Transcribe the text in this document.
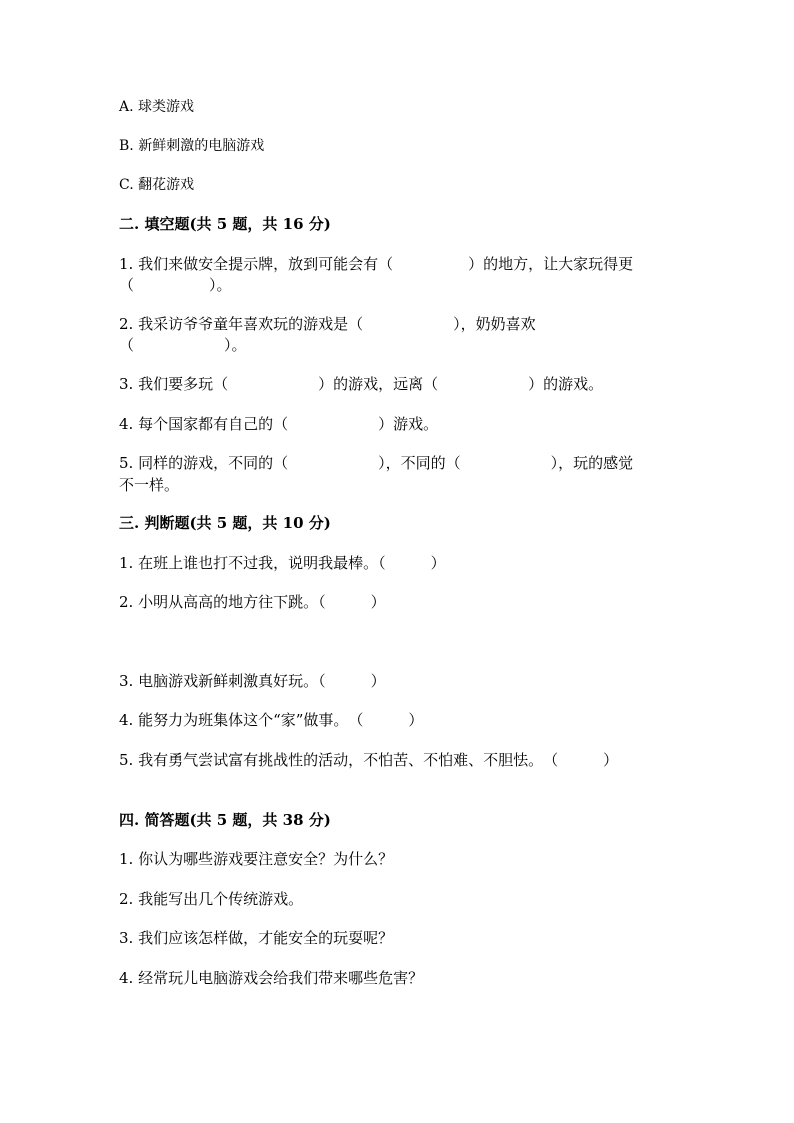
A. 球类游戏
B. 新鲜刺激的电脑游戏
C. 翻花游戏
二. 填空题(共 5 题，共 16 分)
1. 我们来做安全提示牌，放到可能会有（　　　　　）的地方，让大家玩得更
（　　　　　）。
2. 我采访爷爷童年喜欢玩的游戏是（　　　　　　），奶奶喜欢
（　　　　　　）。
3. 我们要多玩（　　　　　　）的游戏，远离（　　　　　　）的游戏。
4. 每个国家都有自己的（　　　　　　）游戏。
5. 同样的游戏，不同的（　　　　　　），不同的（　　　　　　），玩的感觉
不一样。
三. 判断题(共 5 题，共 10 分)
1. 在班上谁也打不过我，说明我最棒。（　　　）
2. 小明从高高的地方往下跳。（　　　）
3. 电脑游戏新鲜刺激真好玩。（　　　）
4. 能努力为班集体这个“家”做事。　（　　　）
5. 我有勇气尝试富有挑战性的活动，不怕苦、不怕难、不胆怯。　（　　　）
四. 简答题(共 5 题，共 38 分)
1. 你认为哪些游戏要注意安全？为什么？
2. 我能写出几个传统游戏。
3. 我们应该怎样做，才能安全的玩耍呢？
4. 经常玩儿电脑游戏会给我们带来哪些危害？
